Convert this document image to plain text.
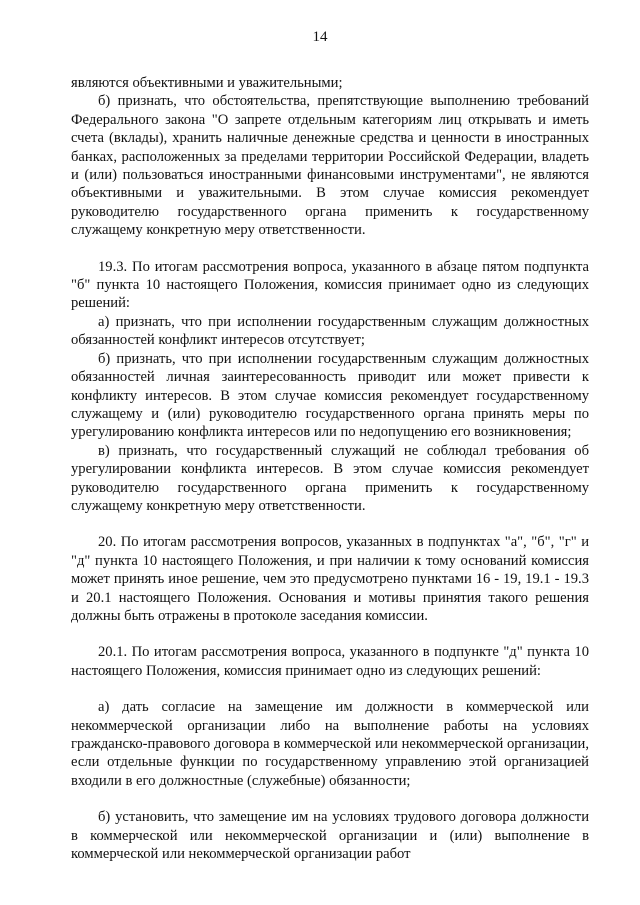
14

являются объективными и уважительными;

б) признать, что обстоятельства, препятствующие выполнению требований Федерального закона "О запрете отдельным категориям лиц открывать и иметь счета (вклады), хранить наличные денежные средства и ценности в иностранных банках, расположенных за пределами территории Российской Федерации, владеть и (или) пользоваться иностранными финансовыми инструментами", не являются объективными и уважительными. В этом случае комиссия рекомендует руководителю государственного органа применить к государственному служащему конкретную меру ответственности.

19.3. По итогам рассмотрения вопроса, указанного в абзаце пятом подпункта "б" пункта 10 настоящего Положения, комиссия принимает одно из следующих решений:

а) признать, что при исполнении государственным служащим должностных обязанностей конфликт интересов отсутствует;

б) признать, что при исполнении государственным служащим должностных обязанностей личная заинтересованность приводит или может привести к конфликту интересов. В этом случае комиссия рекомендует государственному служащему и (или) руководителю государственного органа принять меры по урегулированию конфликта интересов или по недопущению его возникновения;

в) признать, что государственный служащий не соблюдал требования об урегулировании конфликта интересов. В этом случае комиссия рекомендует руководителю государственного органа применить к государственному служащему конкретную меру ответственности.

20. По итогам рассмотрения вопросов, указанных в подпунктах "а", "б", "г" и "д" пункта 10 настоящего Положения, и при наличии к тому оснований комиссия может принять иное решение, чем это предусмотрено пунктами 16 - 19, 19.1 - 19.3 и 20.1 настоящего Положения. Основания и мотивы принятия такого решения должны быть отражены в протоколе заседания комиссии.

20.1. По итогам рассмотрения вопроса, указанного в подпункте "д" пункта 10 настоящего Положения, комиссия принимает одно из следующих решений:

а) дать согласие на замещение им должности в коммерческой или некоммерческой организации либо на выполнение работы на условиях гражданско-правового договора в коммерческой или некоммерческой организации, если отдельные функции по государственному управлению этой организацией входили в его должностные (служебные) обязанности;

б) установить, что замещение им на условиях трудового договора должности в коммерческой или некоммерческой организации и (или) выполнение в коммерческой или некоммерческой организации работ
